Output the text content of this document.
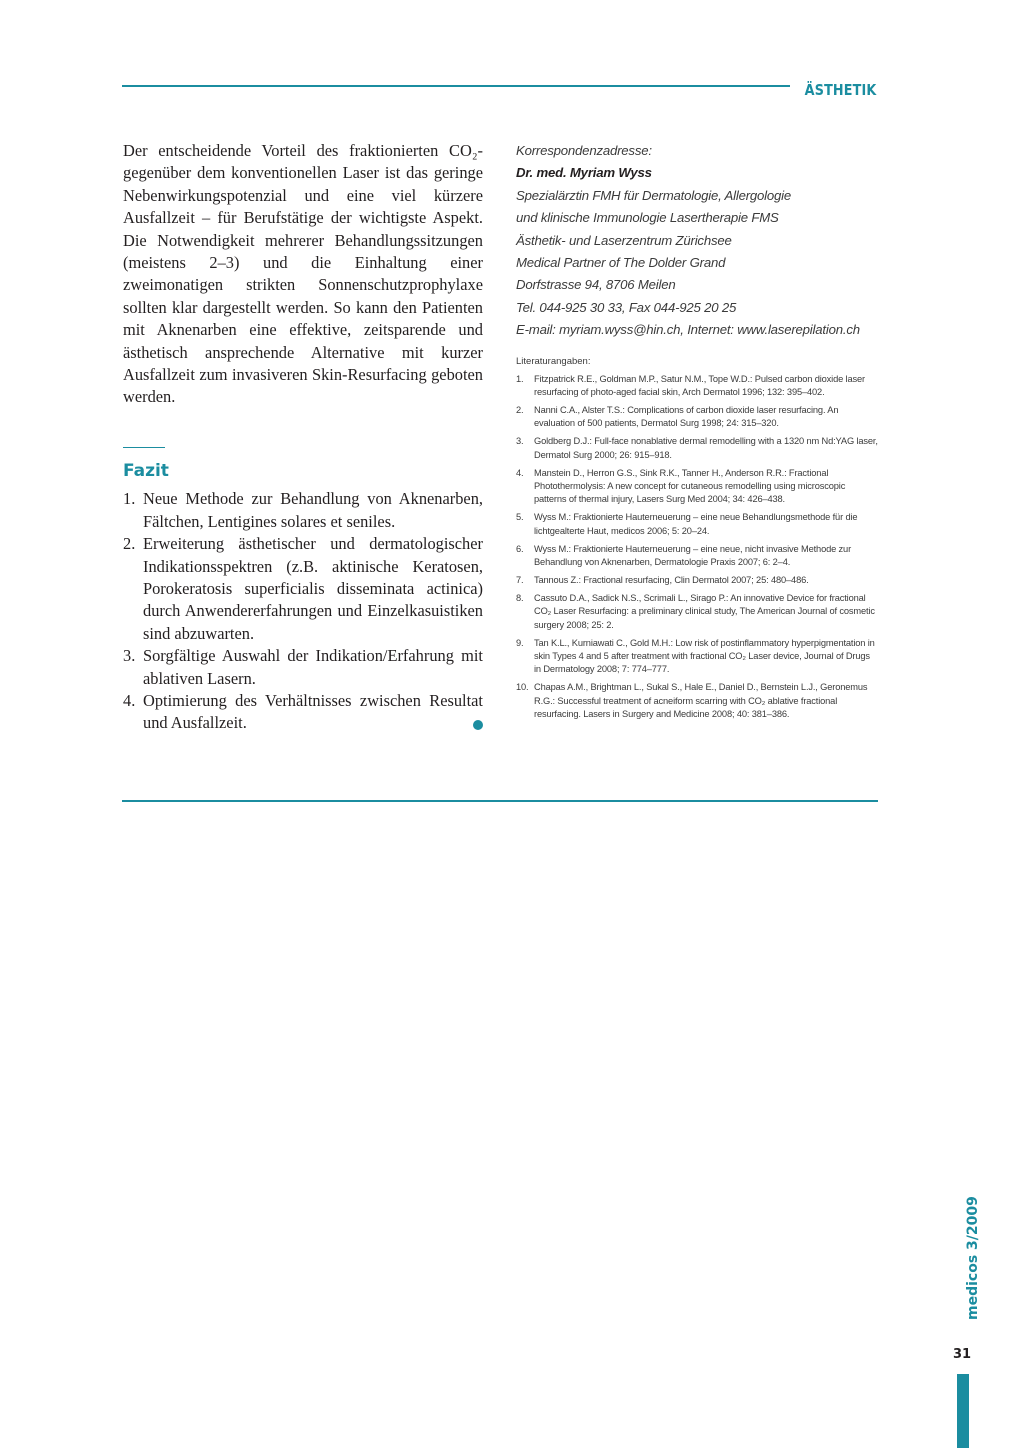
ÄSTHETIK

Der entscheidende Vorteil des fraktionierten CO₂-gegenüber dem konventionellen Laser ist das geringe Nebenwirkungspotenzial und eine viel kürzere Ausfallzeit – für Berufstätige der wichtigste Aspekt. Die Notwendigkeit mehrerer Behandlungssitzungen (meistens 2–3) und die Einhaltung einer zweimonatigen strikten Sonnenschutzprophylaxe sollten klar dargestellt werden. So kann den Patienten mit Aknenarben eine effektive, zeitsparende und ästhetisch ansprechende Alternative mit kurzer Ausfallzeit zum invasiveren Skin-Resurfacing geboten werden.

Fazit
1. Neue Methode zur Behandlung von Aknenarben, Fältchen, Lentigines solares et seniles.
2. Erweiterung ästhetischer und dermatologischer Indikationsspektren (z.B. aktinische Keratosen, Porokeratosis superficialis disseminata actinica) durch Anwendererfahrungen und Einzelkasuistiken sind abzuwarten.
3. Sorgfältige Auswahl der Indikation/Erfahrung mit ablativen Lasern.
4. Optimierung des Verhältnisses zwischen Resultat und Ausfallzeit.
Korrespondenzadresse:
Dr. med. Myriam Wyss
Spezialärztin FMH für Dermatologie, Allergologie
und klinische Immunologie Lasertherapie FMS
Ästhetik- und Laserzentrum Zürichsee
Medical Partner of The Dolder Grand
Dorfstrasse 94, 8706 Meilen
Tel. 044-925 30 33, Fax 044-925 20 25
E-mail: myriam.wyss@hin.ch, Internet: www.laserepilation.ch
Literaturangaben:
1. Fitzpatrick R.E., Goldman M.P., Satur N.M., Tope W.D.: Pulsed carbon dioxide laser resurfacing of photo-aged facial skin, Arch Dermatol 1996; 132: 395–402.
2. Nanni C.A., Alster T.S.: Complications of carbon dioxide laser resurfacing. An evaluation of 500 patients, Dermatol Surg 1998; 24: 315–320.
3. Goldberg D.J.: Full-face nonablative dermal remodelling with a 1320 nm Nd:YAG laser, Dermatol Surg 2000; 26: 915–918.
4. Manstein D., Herron G.S., Sink R.K., Tanner H., Anderson R.R.: Fractional Photothermolysis: A new concept for cutaneous remodelling using microscopic patterns of thermal injury, Lasers Surg Med 2004; 34: 426–438.
5. Wyss M.: Fraktionierte Hauterneuerung – eine neue Behandlungsmethode für die lichtgealterte Haut, medicos 2006; 5: 20–24.
6. Wyss M.: Fraktionierte Hauterneuerung – eine neue, nicht invasive Methode zur Behandlung von Aknenarben, Dermatologie Praxis 2007; 6: 2–4.
7. Tannous Z.: Fractional resurfacing, Clin Dermatol 2007; 25: 480–486.
8. Cassuto D.A., Sadick N.S., Scrimali L., Sirago P.: An innovative Device for fractional CO₂ Laser Resurfacing: a preliminary clinical study, The American Journal of cosmetic surgery 2008; 25: 2.
9. Tan K.L., Kurniawati C., Gold M.H.: Low risk of postinflammatory hyperpigmentation in skin Types 4 and 5 after treatment with fractional CO₂ Laser device, Journal of Drugs in Dermatology 2008; 7: 774–777.
10. Chapas A.M., Brightman L., Sukal S., Hale E., Daniel D., Bernstein L.J., Geronemus R.G.: Successful treatment of acneiform scarring with CO₂ ablative fractional resurfacing. Lasers in Surgery and Medicine 2008; 40: 381–386.
medicos 3/2009
31
